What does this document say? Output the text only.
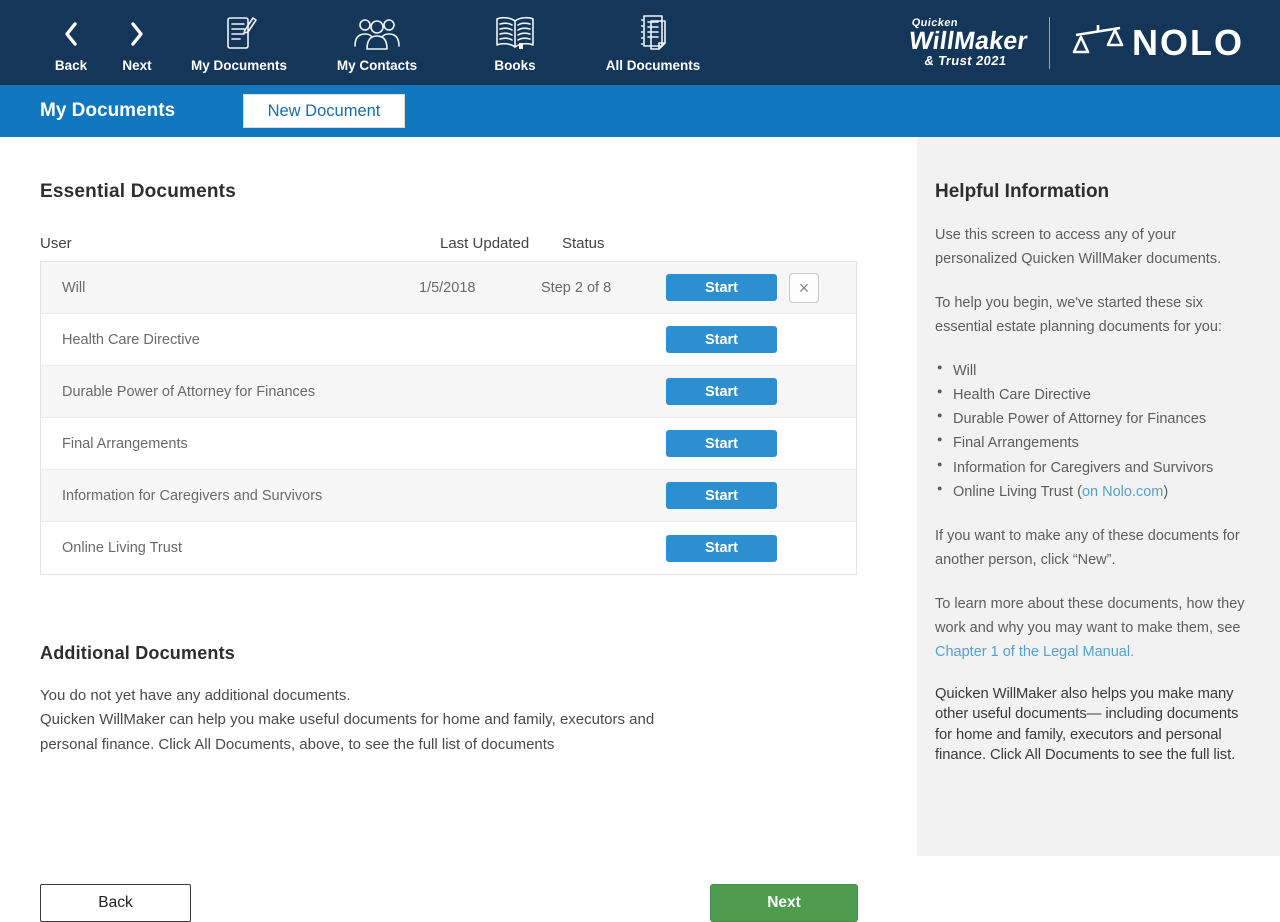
Back	Next	My Documents	My Contacts	Books	All Documents
Quicken
WillMaker
& Trust 2021	NOLO
My Documents	New Document
Essential Documents
User	Last Updated	Status
Will	1/5/2018	Step 2 of 8	Start	×
Health Care Directive	Start
Durable Power of Attorney for Finances	Start
Final Arrangements	Start
Information for Caregivers and Survivors	Start
Online Living Trust	Start
Additional Documents
You do not yet have any additional documents.
Quicken WillMaker can help you make useful documents for home and family, executors and personal finance. Click All Documents, above, to see the full list of documents
Back	Next
Helpful Information

Use this screen to access any of your personalized Quicken WillMaker documents.

To help you begin, we've started these six essential estate planning documents for you:

● Will
● Health Care Directive
● Durable Power of Attorney for Finances
● Final Arrangements
● Information for Caregivers and Survivors
● Online Living Trust (on Nolo.com)

If you want to make any of these documents for another person, click “New”.

To learn more about these documents, how they work and why you may want to make them, see Chapter 1 of the Legal Manual.

Quicken WillMaker also helps you make many other useful documents— including documents for home and family, executors and personal finance. Click All Documents to see the full list.
